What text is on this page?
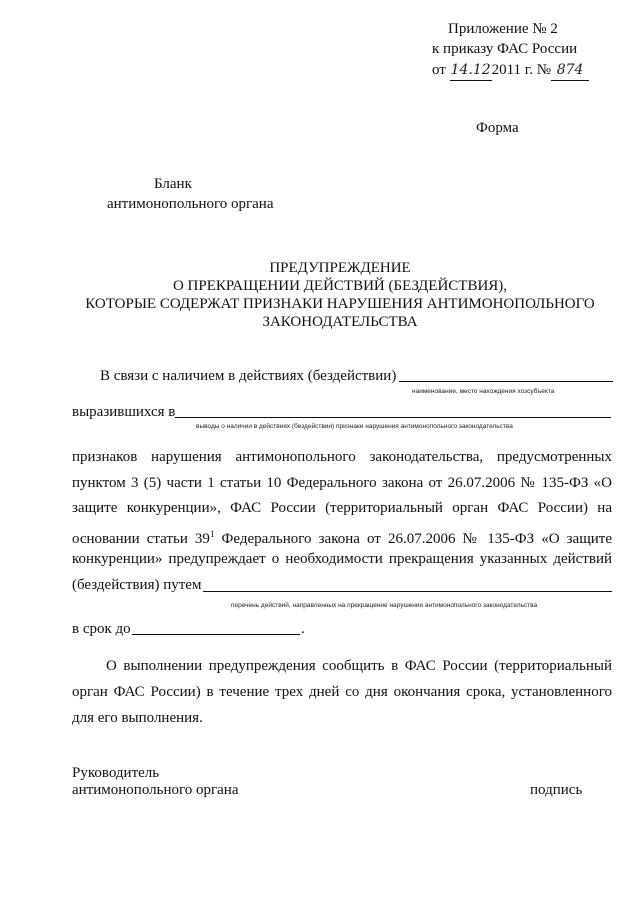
Приложение № 2
к приказу ФАС России
от 14.122011 г. № 874
Форма
Бланк
антимонопольного органа
ПРЕДУПРЕЖДЕНИЕ
О ПРЕКРАЩЕНИИ ДЕЙСТВИЙ (БЕЗДЕЙСТВИЯ),
КОТОРЫЕ СОДЕРЖАТ ПРИЗНАКИ НАРУШЕНИЯ АНТИМОНОПОЛЬНОГО
ЗАКОНОДАТЕЛЬСТВА
В связи с наличием в действиях (бездействии)
наименование, место нахождения хозсубъекта
выразившихся в
выводы о наличии в действиях (бездействии) признаки нарушения антимонопольного законодательства
признаков нарушения антимонопольного законодательства, предусмотренных
пунктом 3 (5) части 1 статьи 10 Федерального закона от 26.07.2006 № 135-ФЗ «О
защите конкуренции», ФАС России (территориальный орган ФАС России) на
основании статьи $39^1$ Федерального закона от 26.07.2006 № 135-ФЗ «О защите
конкуренции» предупреждает о необходимости прекращения указанных действий
(бездействия) путем
перечень действий, направленных на прекращение нарушения антимонопольного законодательства
в срок до	.
О выполнении предупреждения сообщить в ФАС России (территориальный
орган ФАС России) в течение трех дней со дня окончания срока, установленного
для его выполнения.
Руководитель
антимонопольного органа	подпись
